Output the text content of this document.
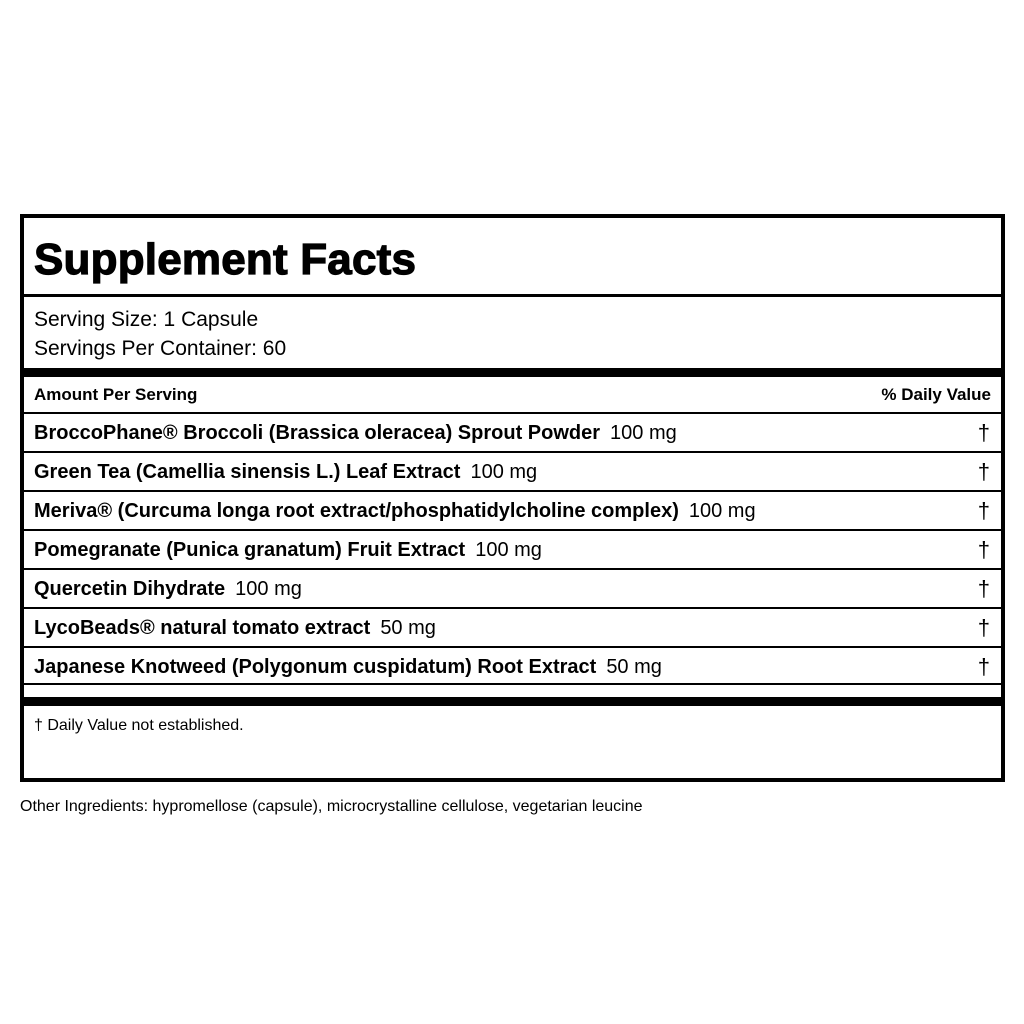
Supplement Facts
Serving Size: 1 Capsule
Servings Per Container: 60
Amount Per Serving	% Daily Value
BroccoPhane® Broccoli (Brassica oleracea) Sprout Powder 100 mg	†
Green Tea (Camellia sinensis L.) Leaf Extract 100 mg	†
Meriva® (Curcuma longa root extract/phosphatidylcholine complex) 100 mg	†
Pomegranate (Punica granatum) Fruit Extract 100 mg	†
Quercetin Dihydrate 100 mg	†
LycoBeads® natural tomato extract 50 mg	†
Japanese Knotweed (Polygonum cuspidatum) Root Extract 50 mg	†
† Daily Value not established.
Other Ingredients: hypromellose (capsule), microcrystalline cellulose, vegetarian leucine
